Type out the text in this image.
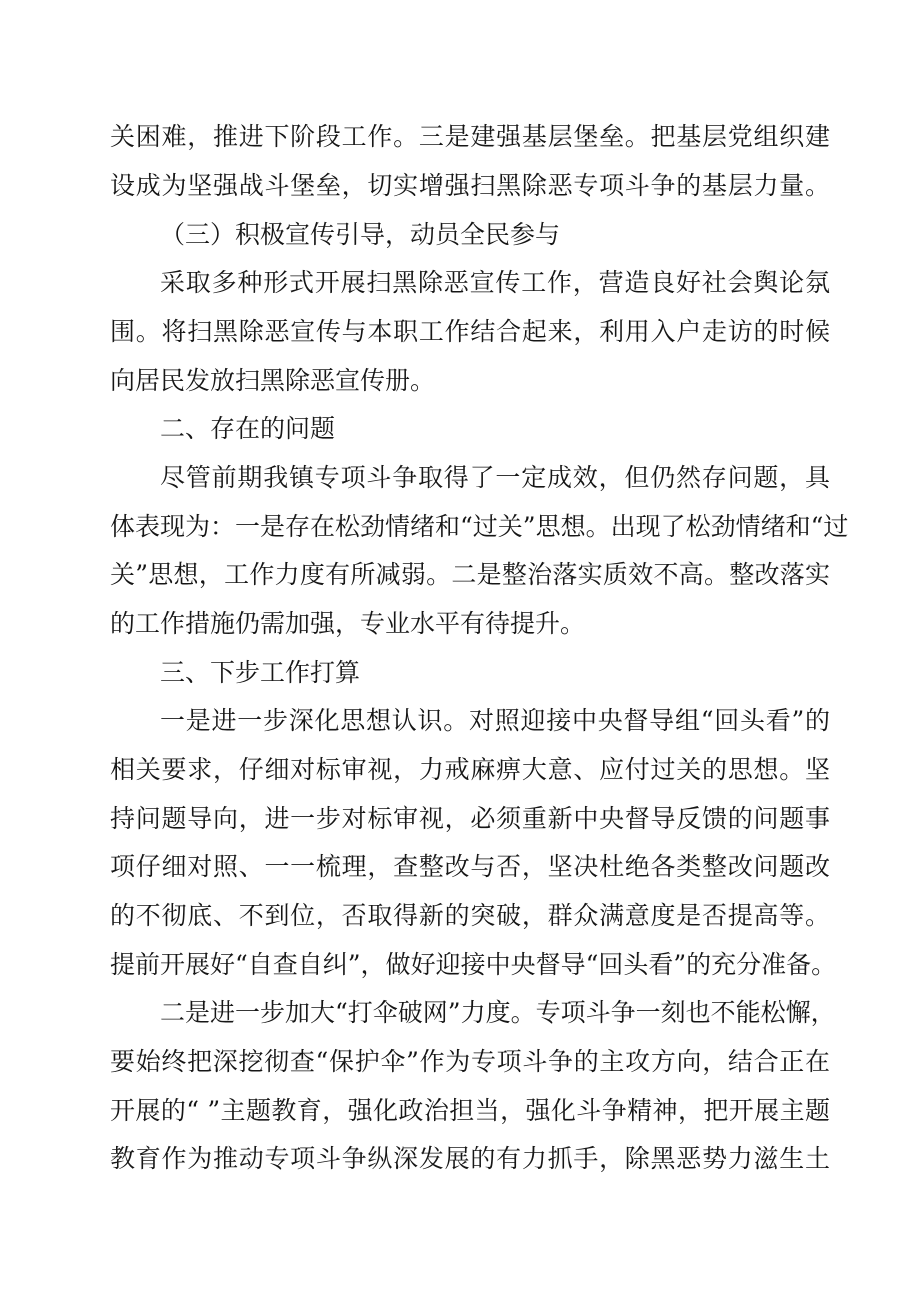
关困难，推进下阶段工作。三是建强基层堡垒。把基层党组织建
设成为坚强战斗堡垒，切实增强扫黑除恶专项斗争的基层力量。
（三）积极宣传引导，动员全民参与
采取多种形式开展扫黑除恶宣传工作，营造良好社会舆论氛
围。将扫黑除恶宣传与本职工作结合起来，利用入户走访的时候
向居民发放扫黑除恶宣传册。
二、存在的问题
尽管前期我镇专项斗争取得了一定成效，但仍然存问题，具
体表现为：一是存在松劲情绪和“过关”思想。出现了松劲情绪和“过
关”思想，工作力度有所减弱。二是整治落实质效不高。整改落实
的工作措施仍需加强，专业水平有待提升。
三、下步工作打算
一是进一步深化思想认识。对照迎接中央督导组“回头看”的
相关要求，仔细对标审视，力戒麻痹大意、应付过关的思想。坚
持问题导向，进一步对标审视，必须重新中央督导反馈的问题事
项仔细对照、一一梳理，查整改与否，坚决杜绝各类整改问题改
的不彻底、不到位，否取得新的突破，群众满意度是否提高等。
提前开展好“自查自纠”，做好迎接中央督导“回头看”的充分准备。
二是进一步加大“打伞破网”力度。专项斗争一刻也不能松懈，
要始终把深挖彻查“保护伞”作为专项斗争的主攻方向，结合正在
开展的“ ”主题教育，强化政治担当，强化斗争精神，把开展主题
教育作为推动专项斗争纵深发展的有力抓手，除黑恶势力滋生土
